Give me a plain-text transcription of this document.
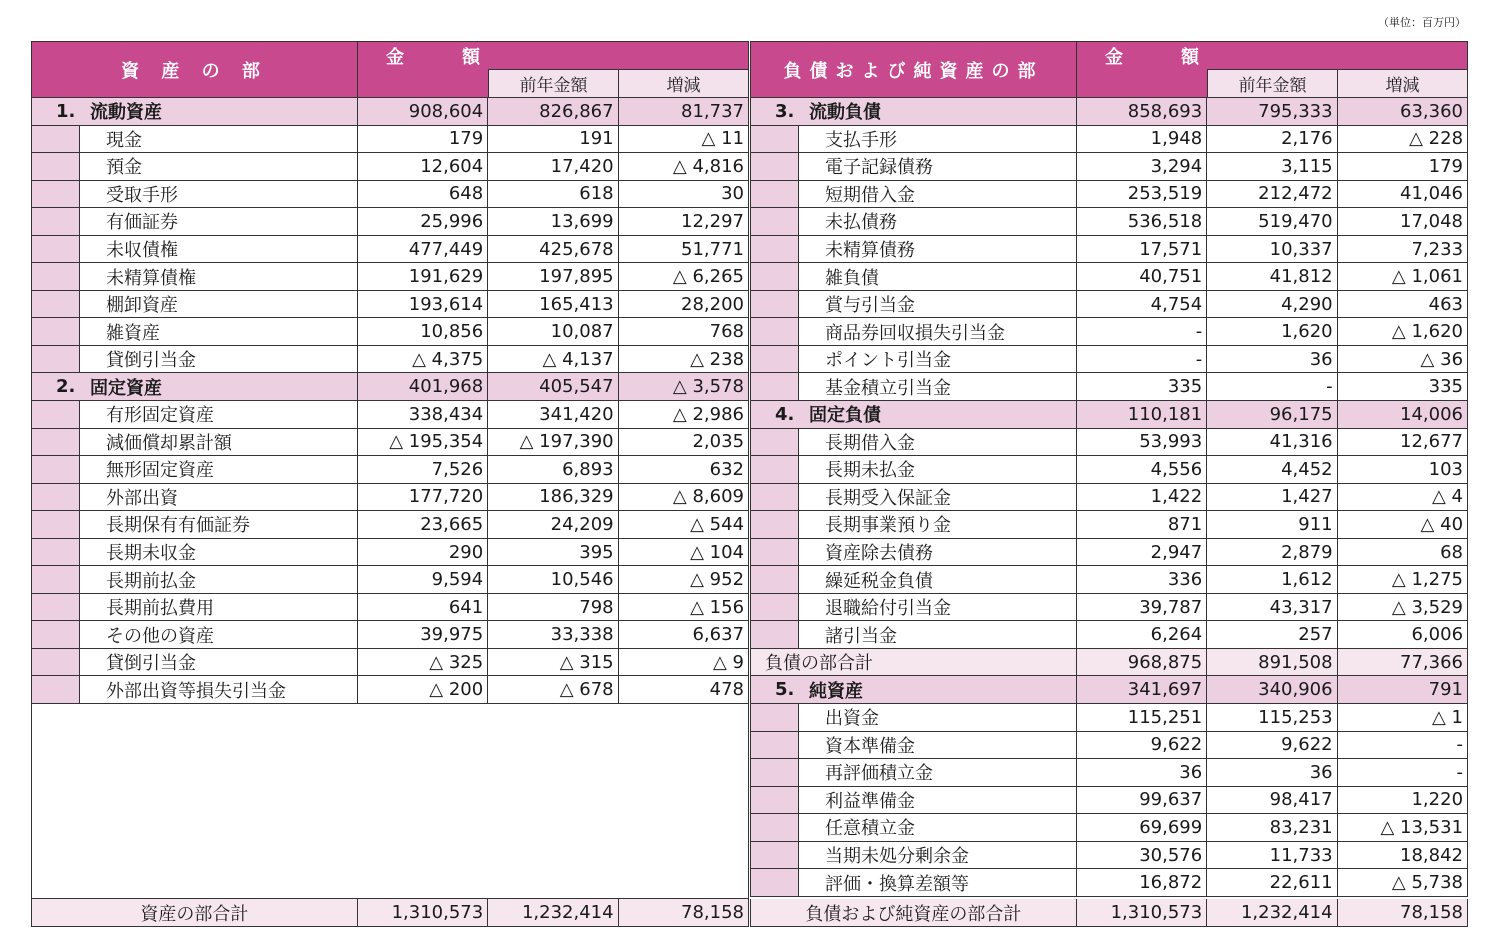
（単位：百万円）
資 産 の 部
金　額
前年金額	増減
1. 流動資産	908,604	826,867	81,737
現金	179	191	△ 11
預金	12,604	17,420	△ 4,816
受取手形	648	618	30
有価証券	25,996	13,699	12,297
未収債権	477,449	425,678	51,771
未精算債権	191,629	197,895	△ 6,265
棚卸資産	193,614	165,413	28,200
雑資産	10,856	10,087	768
貸倒引当金	△ 4,375	△ 4,137	△ 238
2. 固定資産	401,968	405,547	△ 3,578
有形固定資産	338,434	341,420	△ 2,986
減価償却累計額	△ 195,354	△ 197,390	2,035
無形固定資産	7,526	6,893	632
外部出資	177,720	186,329	△ 8,609
長期保有有価証券	23,665	24,209	△ 544
長期未収金	290	395	△ 104
長期前払金	9,594	10,546	△ 952
長期前払費用	641	798	△ 156
その他の資産	39,975	33,338	6,637
貸倒引当金	△ 325	△ 315	△ 9
外部出資等損失引当金	△ 200	△ 678	478
資産の部合計	1,310,573	1,232,414	78,158
負債および純資産の部
金　額
前年金額	増減
3. 流動負債	858,693	795,333	63,360
支払手形	1,948	2,176	△ 228
電子記録債務	3,294	3,115	179
短期借入金	253,519	212,472	41,046
未払債務	536,518	519,470	17,048
未精算債務	17,571	10,337	7,233
雑負債	40,751	41,812	△ 1,061
賞与引当金	4,754	4,290	463
商品券回収損失引当金	-	1,620	△ 1,620
ポイント引当金	-	36	△ 36
基金積立引当金	335	-	335
4. 固定負債	110,181	96,175	14,006
長期借入金	53,993	41,316	12,677
長期未払金	4,556	4,452	103
長期受入保証金	1,422	1,427	△ 4
長期事業預り金	871	911	△ 40
資産除去債務	2,947	2,879	68
繰延税金負債	336	1,612	△ 1,275
退職給付引当金	39,787	43,317	△ 3,529
諸引当金	6,264	257	6,006
負債の部合計	968,875	891,508	77,366
5. 純資産	341,697	340,906	791
出資金	115,251	115,253	△ 1
資本準備金	9,622	9,622	-
再評価積立金	36	36	-
利益準備金	99,637	98,417	1,220
任意積立金	69,699	83,231	△ 13,531
当期未処分剰余金	30,576	11,733	18,842
評価・換算差額等	16,872	22,611	△ 5,738
負債および純資産の部合計	1,310,573	1,232,414	78,158
